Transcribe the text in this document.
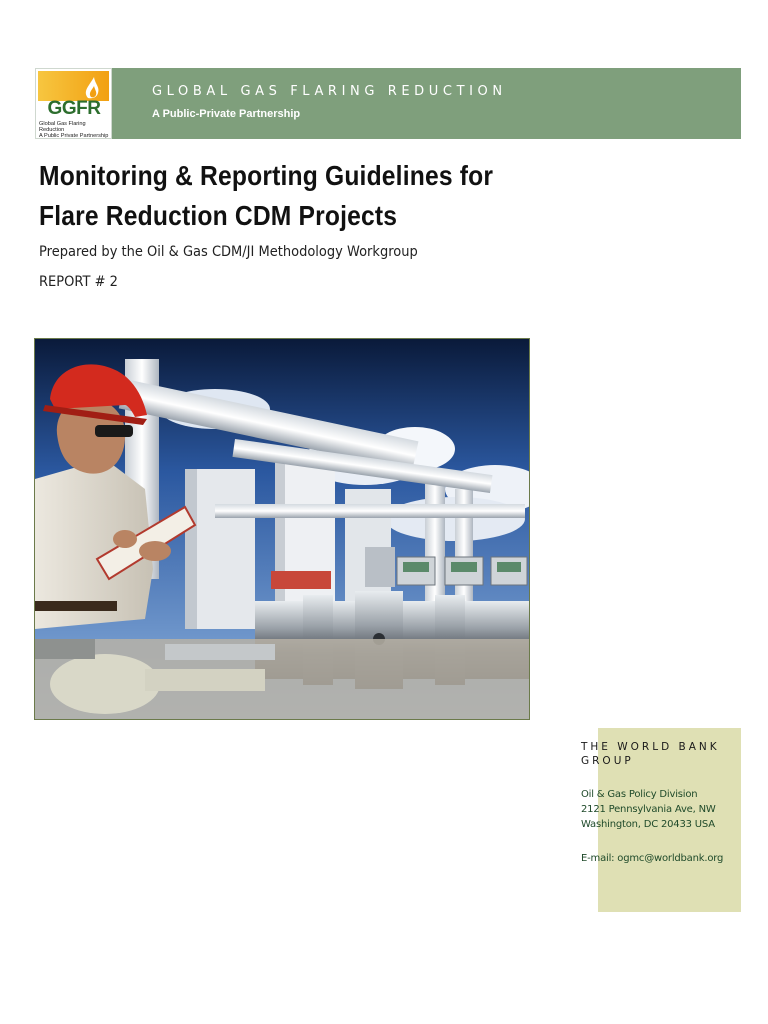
GGFR
Global Gas Flaring Reduction
A Public Private Partnership
GLOBAL GAS FLARING REDUCTION
A Public-Private Partnership
Monitoring & Reporting Guidelines for
Flare Reduction CDM Projects
Prepared by the Oil & Gas CDM/JI Methodology Workgroup
REPORT # 2
THE WORLD BANK
GROUP
Oil & Gas Policy Division
2121 Pennsylvania Ave, NW
Washington, DC 20433 USA
E-mail: ogmc@worldbank.org
